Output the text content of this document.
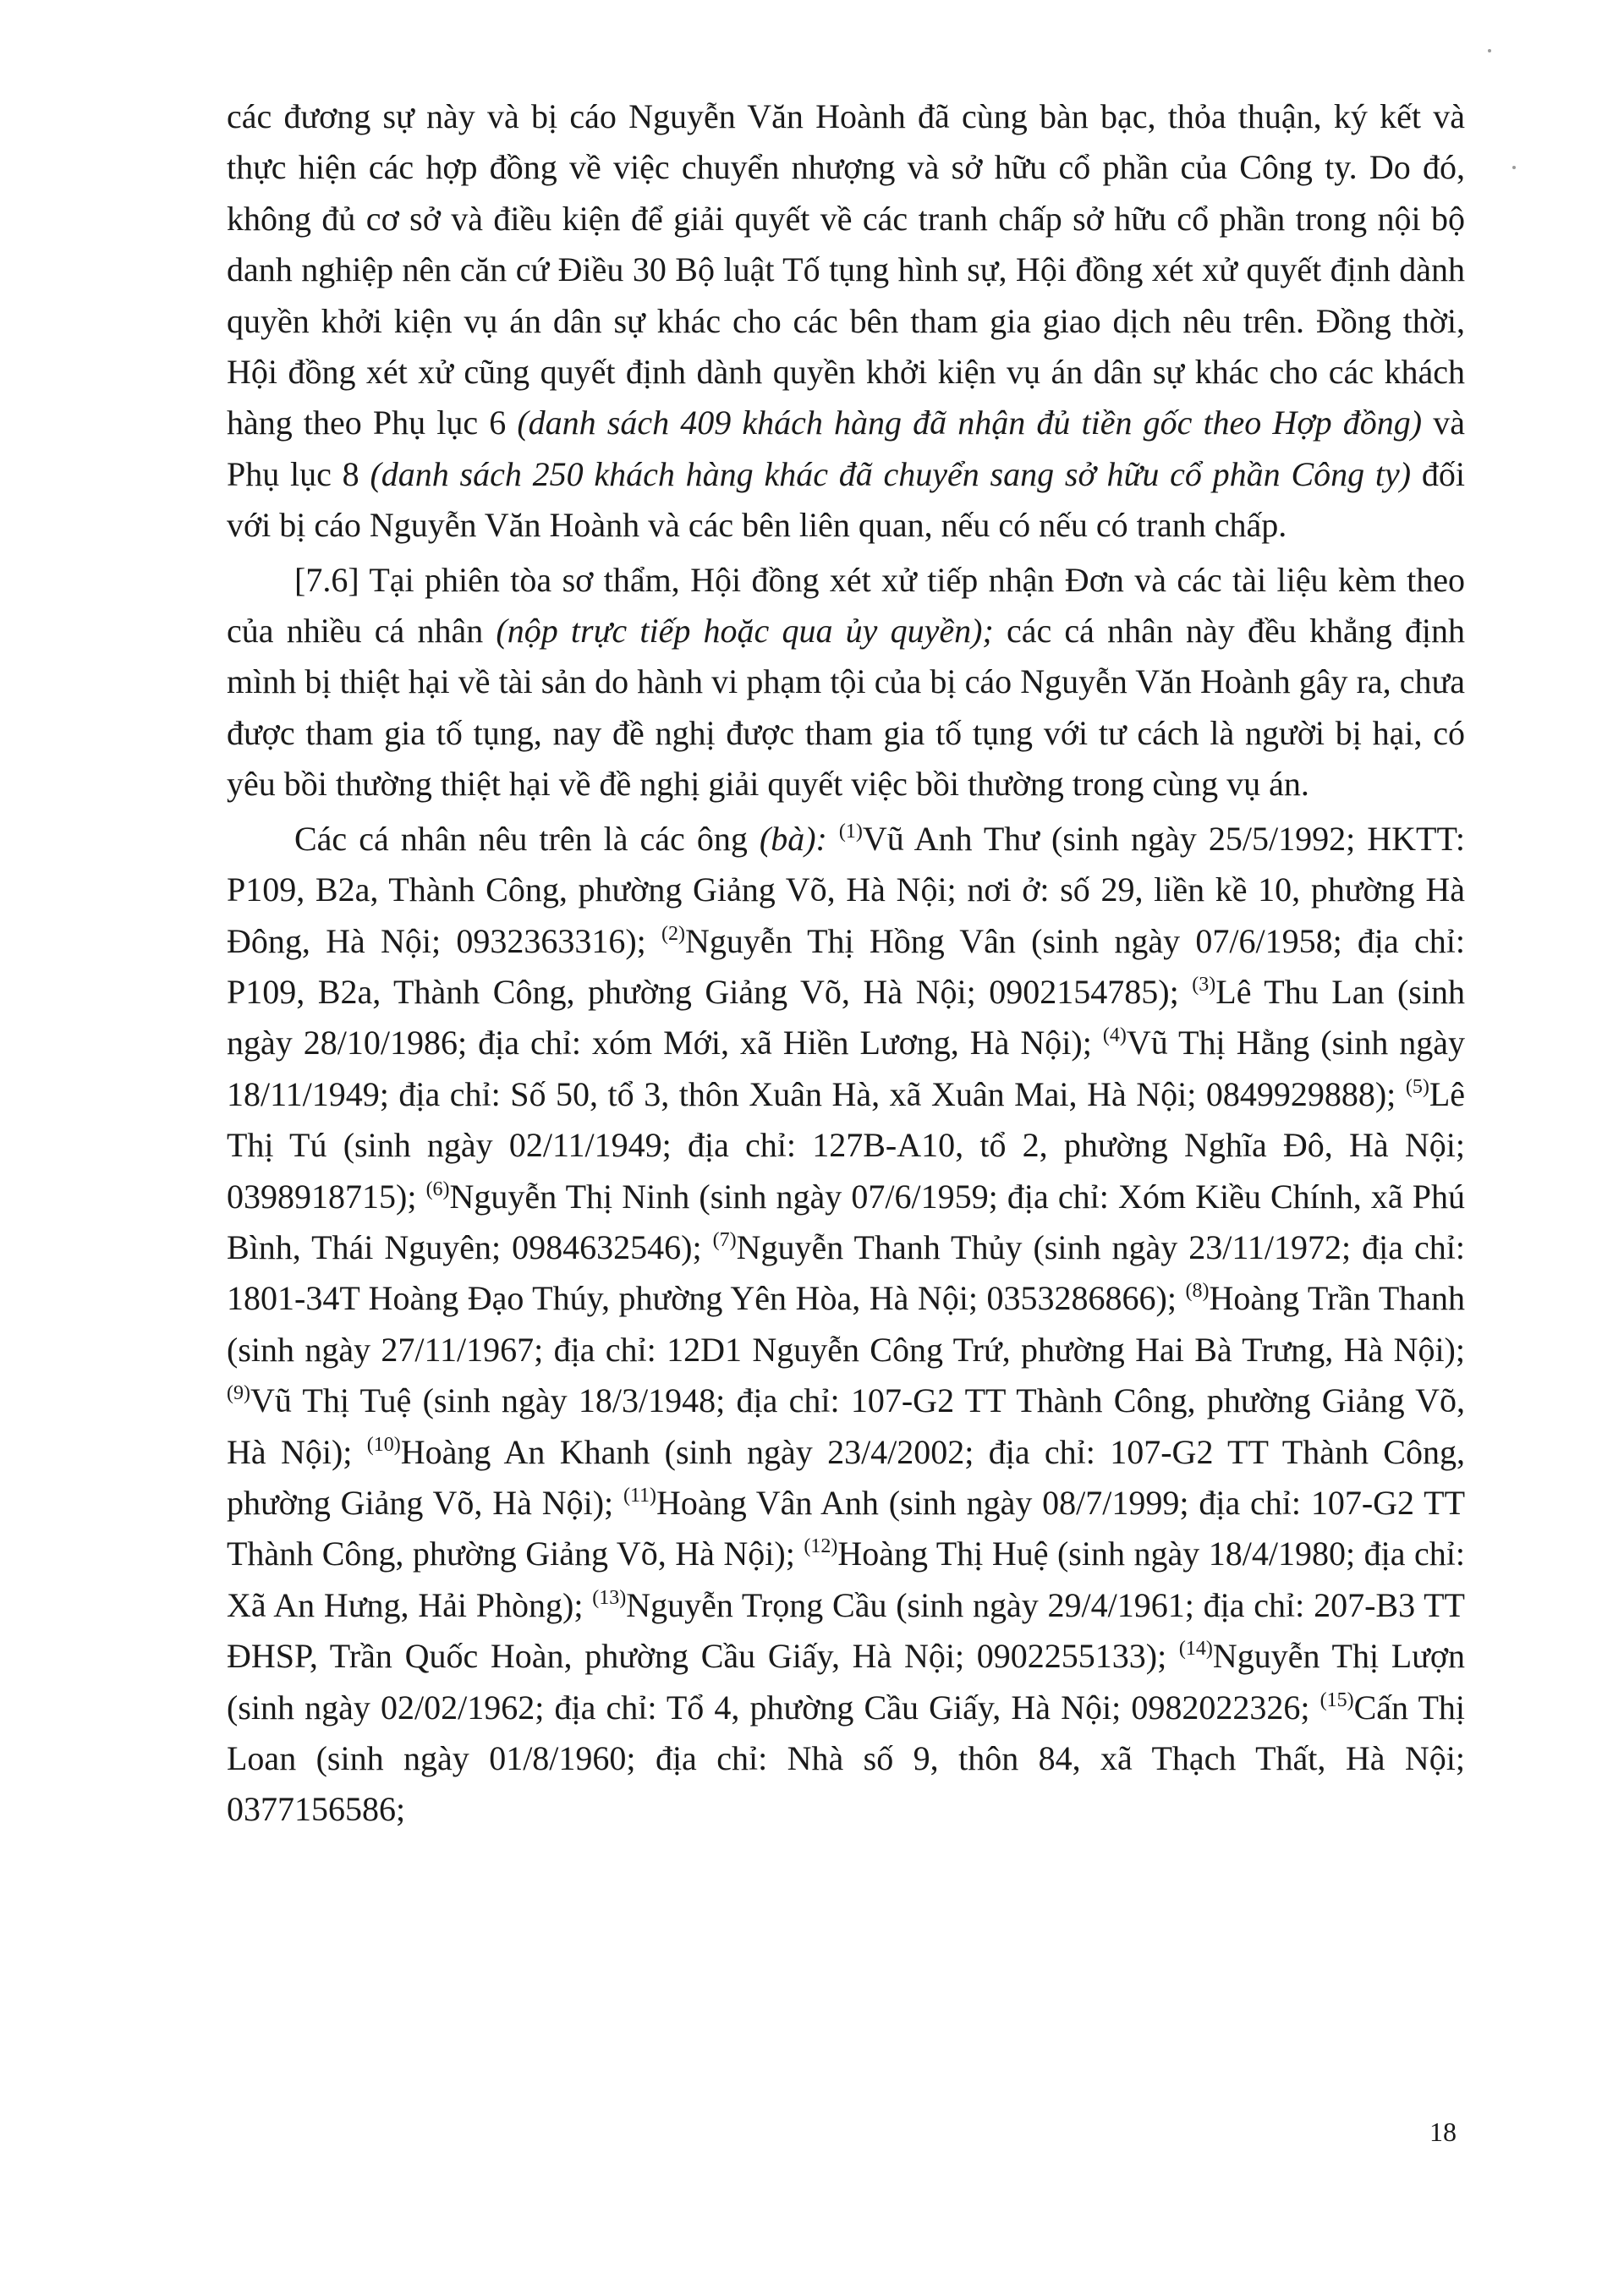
các đương sự này và bị cáo Nguyễn Văn Hoành đã cùng bàn bạc, thỏa thuận, ký kết và thực hiện các hợp đồng về việc chuyển nhượng và sở hữu cổ phần của Công ty. Do đó, không đủ cơ sở và điều kiện để giải quyết về các tranh chấp sở hữu cổ phần trong nội bộ danh nghiệp nên căn cứ Điều 30 Bộ luật Tố tụng hình sự, Hội đồng xét xử quyết định dành quyền khởi kiện vụ án dân sự khác cho các bên tham gia giao dịch nêu trên. Đồng thời, Hội đồng xét xử cũng quyết định dành quyền khởi kiện vụ án dân sự khác cho các khách hàng theo Phụ lục 6 (danh sách 409 khách hàng đã nhận đủ tiền gốc theo Hợp đồng) và Phụ lục 8 (danh sách 250 khách hàng khác đã chuyển sang sở hữu cổ phần Công ty) đối với bị cáo Nguyễn Văn Hoành và các bên liên quan, nếu có nếu có tranh chấp.

[7.6] Tại phiên tòa sơ thẩm, Hội đồng xét xử tiếp nhận Đơn và các tài liệu kèm theo của nhiều cá nhân (nộp trực tiếp hoặc qua ủy quyền); các cá nhân này đều khẳng định mình bị thiệt hại về tài sản do hành vi phạm tội của bị cáo Nguyễn Văn Hoành gây ra, chưa được tham gia tố tụng, nay đề nghị được tham gia tố tụng với tư cách là người bị hại, có yêu bồi thường thiệt hại về đề nghị giải quyết việc bồi thường trong cùng vụ án.

Các cá nhân nêu trên là các ông (bà): $^{(1)}$Vũ Anh Thư (sinh ngày 25/5/1992; HKTT: P109, B2a, Thành Công, phường Giảng Võ, Hà Nội; nơi ở: số 29, liền kề 10, phường Hà Đông, Hà Nội; 0932363316); $^{(2)}$Nguyễn Thị Hồng Vân (sinh ngày 07/6/1958; địa chỉ: P109, B2a, Thành Công, phường Giảng Võ, Hà Nội; 0902154785); $^{(3)}$Lê Thu Lan (sinh ngày 28/10/1986; địa chỉ: xóm Mới, xã Hiền Lương, Hà Nội); $^{(4)}$Vũ Thị Hằng (sinh ngày 18/11/1949; địa chỉ: Số 50, tổ 3, thôn Xuân Hà, xã Xuân Mai, Hà Nội; 0849929888); $^{(5)}$Lê Thị Tú (sinh ngày 02/11/1949; địa chỉ: 127B-A10, tổ 2, phường Nghĩa Đô, Hà Nội; 0398918715); $^{(6)}$Nguyễn Thị Ninh (sinh ngày 07/6/1959; địa chỉ: Xóm Kiều Chính, xã Phú Bình, Thái Nguyên; 0984632546); $^{(7)}$Nguyễn Thanh Thủy (sinh ngày 23/11/1972; địa chỉ: 1801-34T Hoàng Đạo Thúy, phường Yên Hòa, Hà Nội; 0353286866); $^{(8)}$Hoàng Trần Thanh (sinh ngày 27/11/1967; địa chỉ: 12D1 Nguyễn Công Trứ, phường Hai Bà Trưng, Hà Nội); $^{(9)}$Vũ Thị Tuệ (sinh ngày 18/3/1948; địa chỉ: 107-G2 TT Thành Công, phường Giảng Võ, Hà Nội); $^{(10)}$Hoàng An Khanh (sinh ngày 23/4/2002; địa chỉ: 107-G2 TT Thành Công, phường Giảng Võ, Hà Nội); $^{(11)}$Hoàng Vân Anh (sinh ngày 08/7/1999; địa chỉ: 107-G2 TT Thành Công, phường Giảng Võ, Hà Nội); $^{(12)}$Hoàng Thị Huệ (sinh ngày 18/4/1980; địa chỉ: Xã An Hưng, Hải Phòng); $^{(13)}$Nguyễn Trọng Cầu (sinh ngày 29/4/1961; địa chỉ: 207-B3 TT ĐHSP, Trần Quốc Hoàn, phường Cầu Giấy, Hà Nội; 0902255133); $^{(14)}$Nguyễn Thị Lượn (sinh ngày 02/02/1962; địa chỉ: Tổ 4, phường Cầu Giấy, Hà Nội; 0982022326; $^{(15)}$Cấn Thị Loan (sinh ngày 01/8/1960; địa chỉ: Nhà số 9, thôn 84, xã Thạch Thất, Hà Nội; 0377156586;

18
